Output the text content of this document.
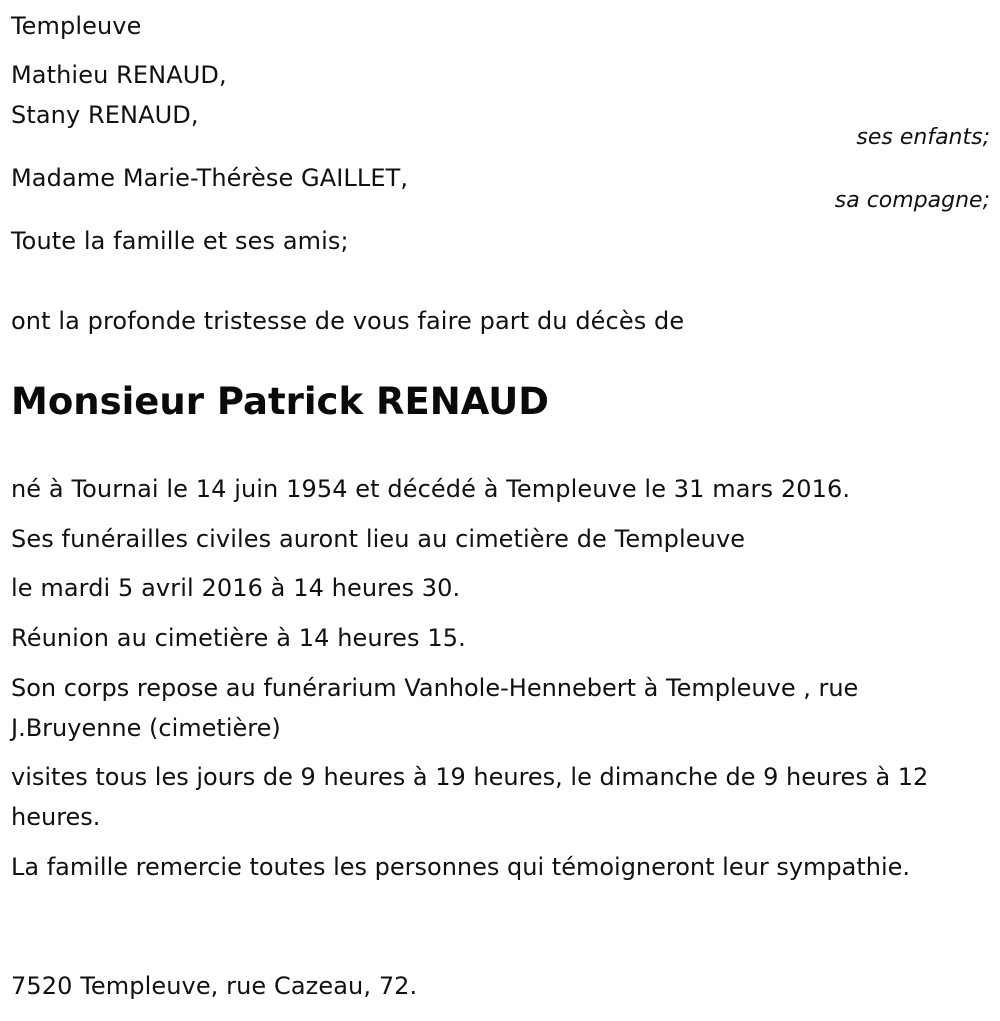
Templeuve
Mathieu RENAUD,
Stany RENAUD,
ses enfants;
Madame Marie-Thérèse GAILLET,
sa compagne;
Toute la famille et ses amis;
ont la profonde tristesse de vous faire part du décès de
Monsieur Patrick RENAUD
né à Tournai le 14 juin 1954 et décédé à Templeuve le 31 mars 2016.
Ses funérailles civiles auront lieu au cimetière de Templeuve
le mardi 5 avril 2016 à 14 heures 30.
Réunion au cimetière à 14 heures 15.
Son corps repose au funérarium Vanhole-Hennebert à Templeuve , rue J.Bruyenne (cimetière)
visites tous les jours de 9 heures à 19 heures, le dimanche de 9 heures à 12 heures.
La famille remercie toutes les personnes qui témoigneront leur sympathie.
7520 Templeuve, rue Cazeau, 72.
